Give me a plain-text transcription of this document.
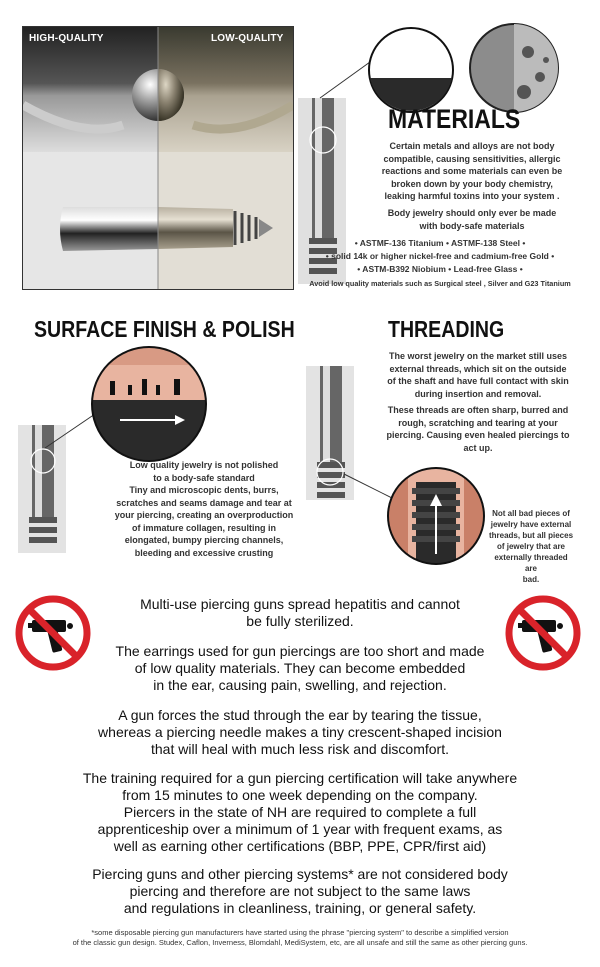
HIGH-QUALITY	LOW-QUALITY
MATERIALS
Certain metals and alloys are not body compatible, causing sensitivities, allergic reactions and some materials can even be broken down by your body chemistry, leaking harmful toxins into your system .
Body jewelry should only ever be made with body-safe materials
• ASTMF-136 Titanium • ASTMF-138 Steel •
• solid 14k or higher nickel-free and cadmium-free Gold •
• ASTM-B392 Niobium • Lead-free Glass •
Avoid low quality materials such as Surgical steel , Silver and G23 Titanium
SURFACE FINISH & POLISH
Low quality jewelry is not polished
to a body-safe standard
Tiny and microscopic dents, burrs,
scratches and seams damage and tear at
your piercing, creating an overproduction
of immature collagen, resulting in
elongated, bumpy piercing channels,
bleeding and excessive crusting
THREADING
The worst jewelry on the market still uses
external threads, which sit on the outside
of the shaft and have full contact with skin
during insertion and removal.
These threads are often sharp, burred and
rough, scratching and tearing at your
piercing. Causing even healed piercings to
act up.
Not all bad pieces of
jewelry have external
threads, but all pieces
of jewelry that are
externally threaded are
bad.
Multi-use piercing guns spread hepatitis and cannot
be fully sterilized.
The earrings used for gun piercings are too short and made
of low quality materials. They can become embedded
in the ear, causing pain, swelling, and rejection.
A gun forces the stud through the ear by tearing the tissue,
whereas a piercing needle makes a tiny crescent-shaped incision
that will heal with much less risk and discomfort.
The training required for a gun piercing certification will take anywhere
from 15 minutes to one week depending on the company.
Piercers in the state of NH are required to complete a full
apprenticeship over a minimum of 1 year with frequent exams, as
well as earning other certifications (BBP, PPE, CPR/first aid)
Piercing guns and other piercing systems* are not considered body
piercing and therefore are not subject to the same laws
and regulations in cleanliness, training, or general safety.
*some disposable piercing gun manufacturers have started using the phrase "piercing system" to describe a simplified version
of the classic gun design. Studex, Caflon, Inverness, Blomdahl, MediSystem, etc, are all unsafe and still the same as other piercing guns.
